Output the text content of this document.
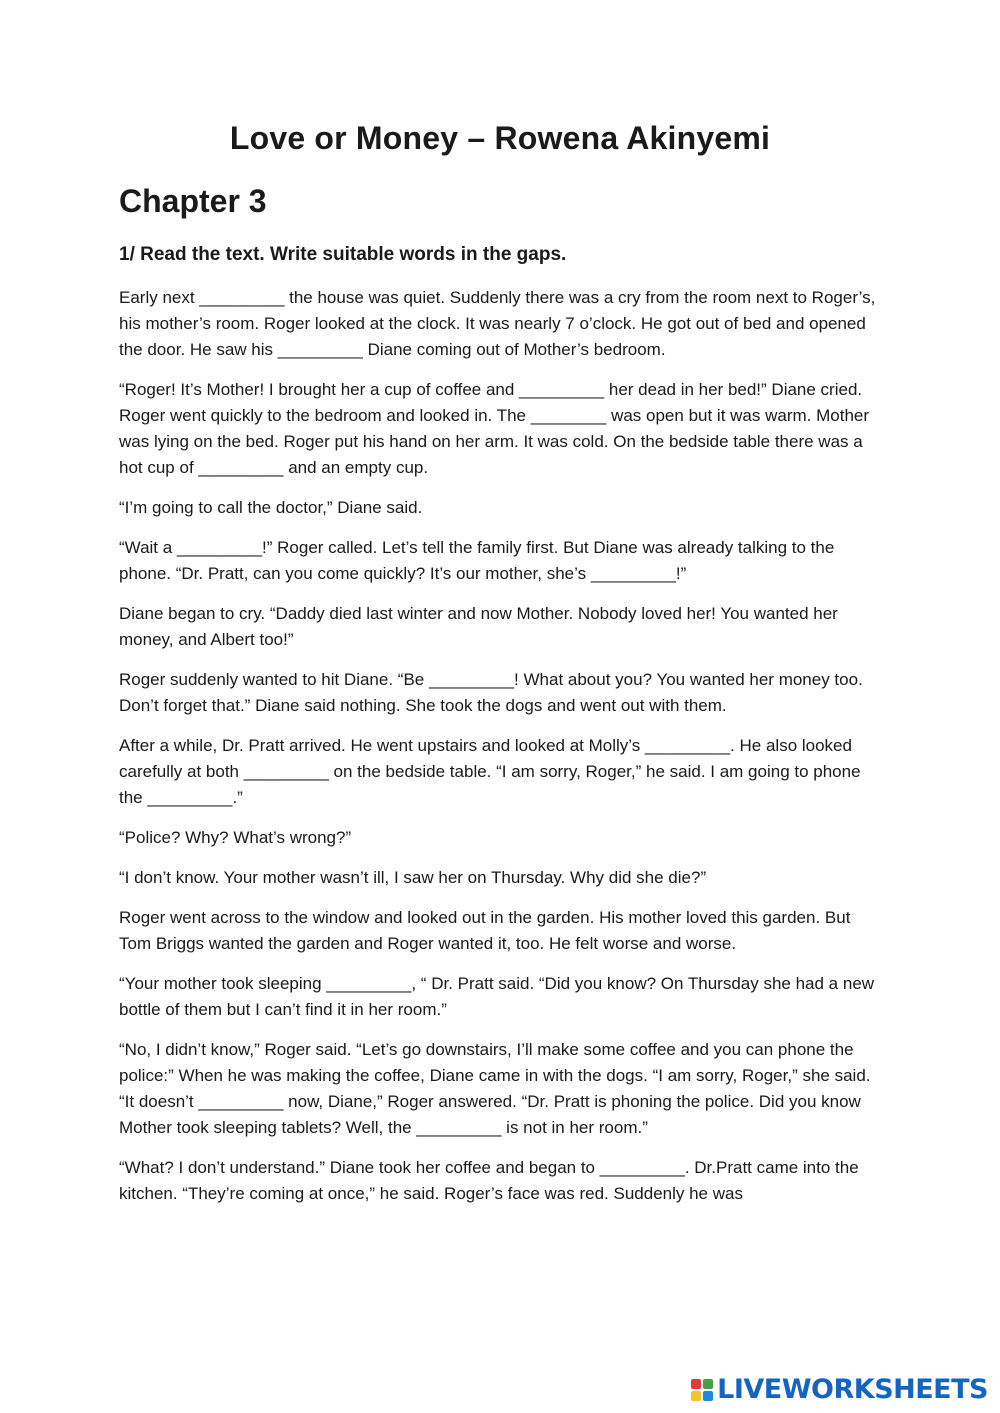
Love or Money – Rowena Akinyemi
Chapter 3
1/ Read the text. Write suitable words in the gaps.

Early next _________ the house was quiet. Suddenly there was a cry from the room next to Roger’s, his mother’s room. Roger looked at the clock. It was nearly 7 o’clock. He got out of bed and opened the door. He saw his _________ Diane coming out of Mother’s bedroom.

“Roger! It’s Mother! I brought her a cup of coffee and _________ her dead in her bed!” Diane cried. Roger went quickly to the bedroom and looked in. The ________ was open but it was warm. Mother was lying on the bed. Roger put his hand on her arm. It was cold. On the bedside table there was a hot cup of _________ and an empty cup.

“I’m going to call the doctor,” Diane said.

“Wait a _________!” Roger called. Let’s tell the family first. But Diane was already talking to the phone. “Dr. Pratt, can you come quickly? It’s our mother, she’s _________!”

Diane began to cry. “Daddy died last winter and now Mother. Nobody loved her! You wanted her money, and Albert too!”

Roger suddenly wanted to hit Diane. “Be _________! What about you? You wanted her money too. Don’t forget that.” Diane said nothing. She took the dogs and went out with them.

After a while, Dr. Pratt arrived. He went upstairs and looked at Molly’s _________. He also looked carefully at both _________ on the bedside table. “I am sorry, Roger,” he said. I am going to phone the _________.”

“Police? Why? What’s wrong?”

“I don’t know. Your mother wasn’t ill, I saw her on Thursday. Why did she die?”

Roger went across to the window and looked out in the garden. His mother loved this garden. But Tom Briggs wanted the garden and Roger wanted it, too. He felt worse and worse.

“Your mother took sleeping _________, “ Dr. Pratt said. “Did you know? On Thursday she had a new bottle of them but I can’t find it in her room.”

“No, I didn’t know,” Roger said. “Let’s go downstairs, I’ll make some coffee and you can phone the police:” When he was making the coffee, Diane came in with the dogs. “I am sorry, Roger,” she said. “It doesn’t _________ now, Diane,” Roger answered. “Dr. Pratt is phoning the police. Did you know Mother took sleeping tablets? Well, the _________ is not in her room.”

“What? I don’t understand.” Diane took her coffee and began to _________. Dr.Pratt came into the kitchen. “They’re coming at once,” he said. Roger’s face was red. Suddenly he was

LIVEWORKSHEETS
